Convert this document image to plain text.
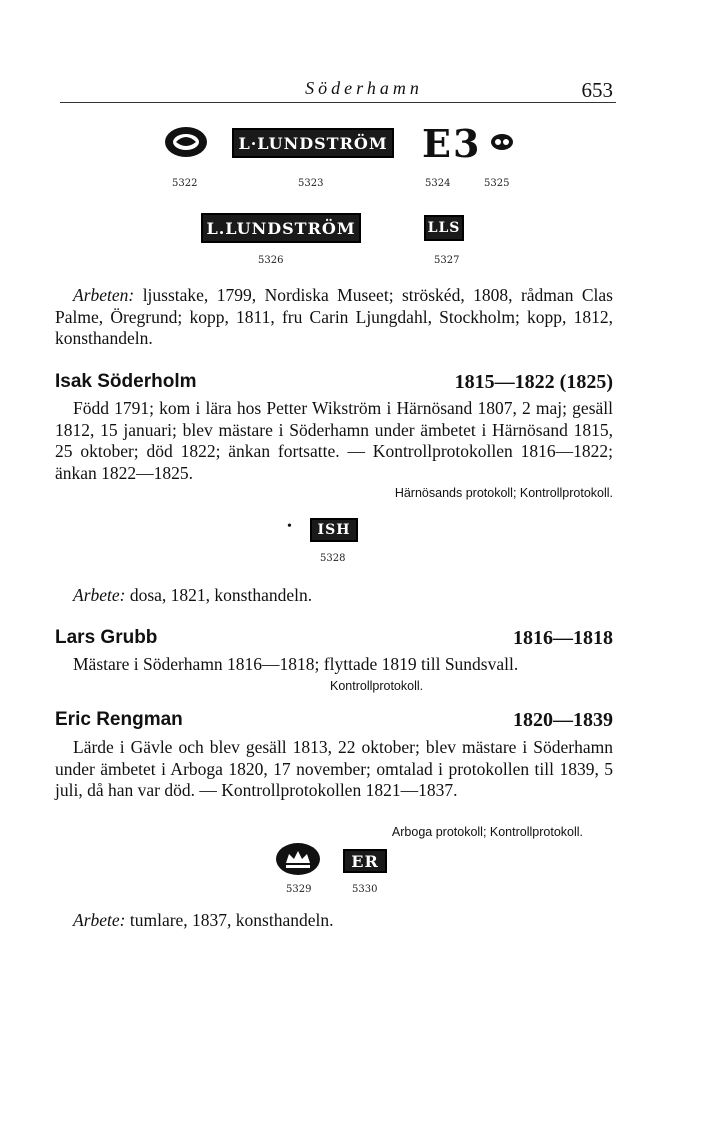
Söderhamn	653
L·LUNDSTRÖM E3
5322	5323	5324	5325
L.LUNDSTRÖM	LLS
5326	5327
Arbeten: ljusstake, 1799, Nordiska Museet; ströskéd, 1808, rådman Clas Palme, Öregrund; kopp, 1811, fru Carin Ljungdahl, Stockholm; kopp, 1812, konsthandeln.
Isak Söderholm	1815—1822 (1825)
Född 1791; kom i lära hos Petter Wikström i Härnösand 1807, 2 maj; gesäll 1812, 15 januari; blev mästare i Söderhamn under ämbetet i Härnösand 1815, 25 oktober; död 1822; änkan fortsatte. — Kontrollprotokollen 1816—1822; änkan 1822—1825.
Härnösands protokoll; Kontrollprotokoll.
•	ISH
5328
Arbete: dosa, 1821, konsthandeln.
Lars Grubb	1816—1818
Mästare i Söderhamn 1816—1818; flyttade 1819 till Sundsvall.
Kontrollprotokoll.
Eric Rengman	1820—1839
Lärde i Gävle och blev gesäll 1813, 22 oktober; blev mästare i Söderhamn under ämbetet i Arboga 1820, 17 november; omtalad i protokollen till 1839, 5 juli, då han var död. — Kontrollprotokollen 1821—1837.
Arboga protokoll; Kontrollprotokoll.
ER
5329	5330
Arbete: tumlare, 1837, konsthandeln.
